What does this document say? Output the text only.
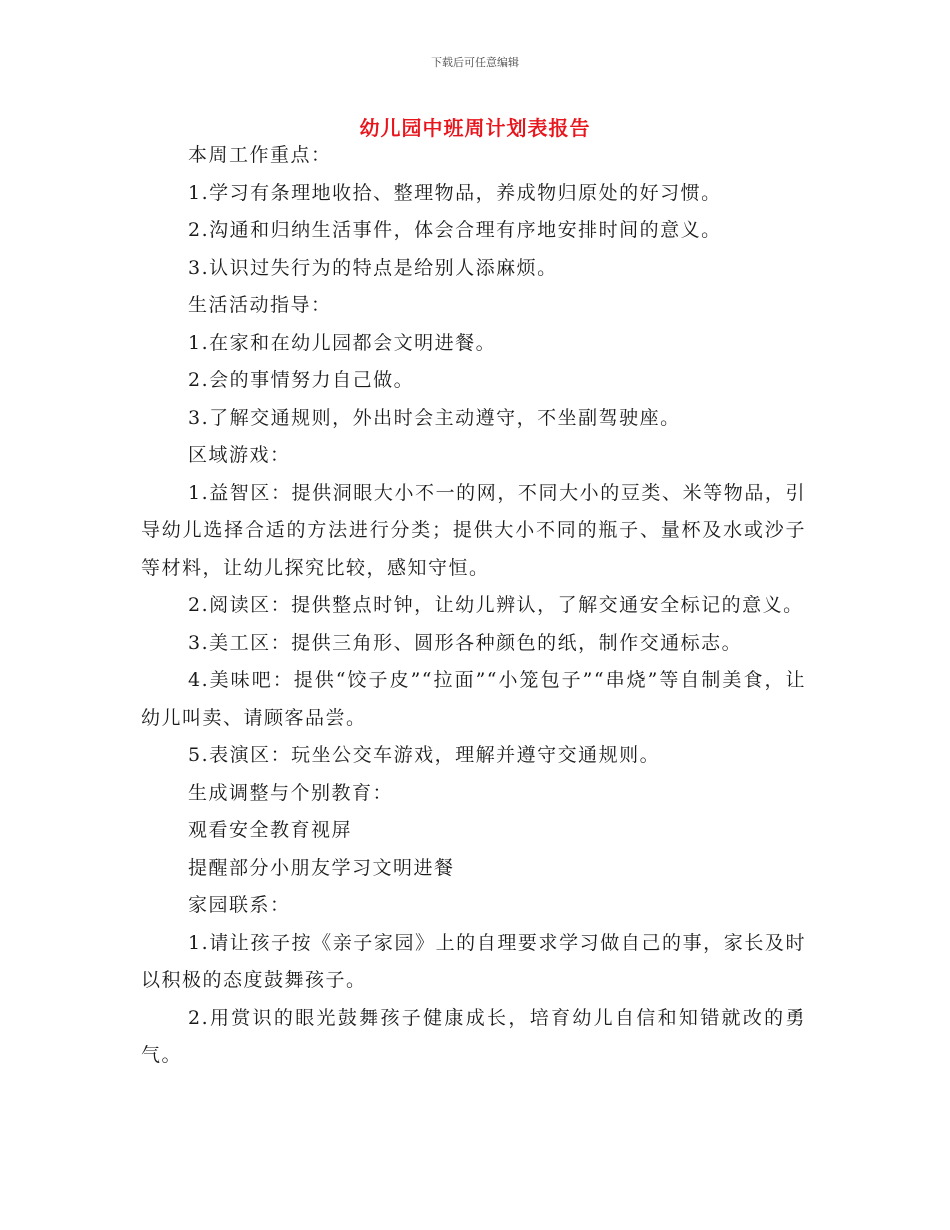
下载后可任意编辑
幼儿园中班周计划表报告

本周工作重点：

1.学习有条理地收拾、整理物品，养成物归原处的好习惯。

2.沟通和归纳生活事件，体会合理有序地安排时间的意义。

3.认识过失行为的特点是给别人添麻烦。

生活活动指导：

1.在家和在幼儿园都会文明进餐。

2.会的事情努力自己做。

3.了解交通规则，外出时会主动遵守，不坐副驾驶座。

区域游戏：

1.益智区：提供洞眼大小不一的网，不同大小的豆类、米等物品，引导幼儿选择合适的方法进行分类；提供大小不同的瓶子、量杯及水或沙子等材料，让幼儿探究比较，感知守恒。

2.阅读区：提供整点时钟，让幼儿辨认，了解交通安全标记的意义。

3.美工区：提供三角形、圆形各种颜色的纸，制作交通标志。

4.美味吧：提供“饺子皮”“拉面”“小笼包子”“串烧”等自制美食，让幼儿叫卖、请顾客品尝。

5.表演区：玩坐公交车游戏，理解并遵守交通规则。

生成调整与个别教育：

观看安全教育视屏

提醒部分小朋友学习文明进餐

家园联系：

1.请让孩子按《亲子家园》上的自理要求学习做自己的事，家长及时以积极的态度鼓舞孩子。

2.用赏识的眼光鼓舞孩子健康成长，培育幼儿自信和知错就改的勇气。
